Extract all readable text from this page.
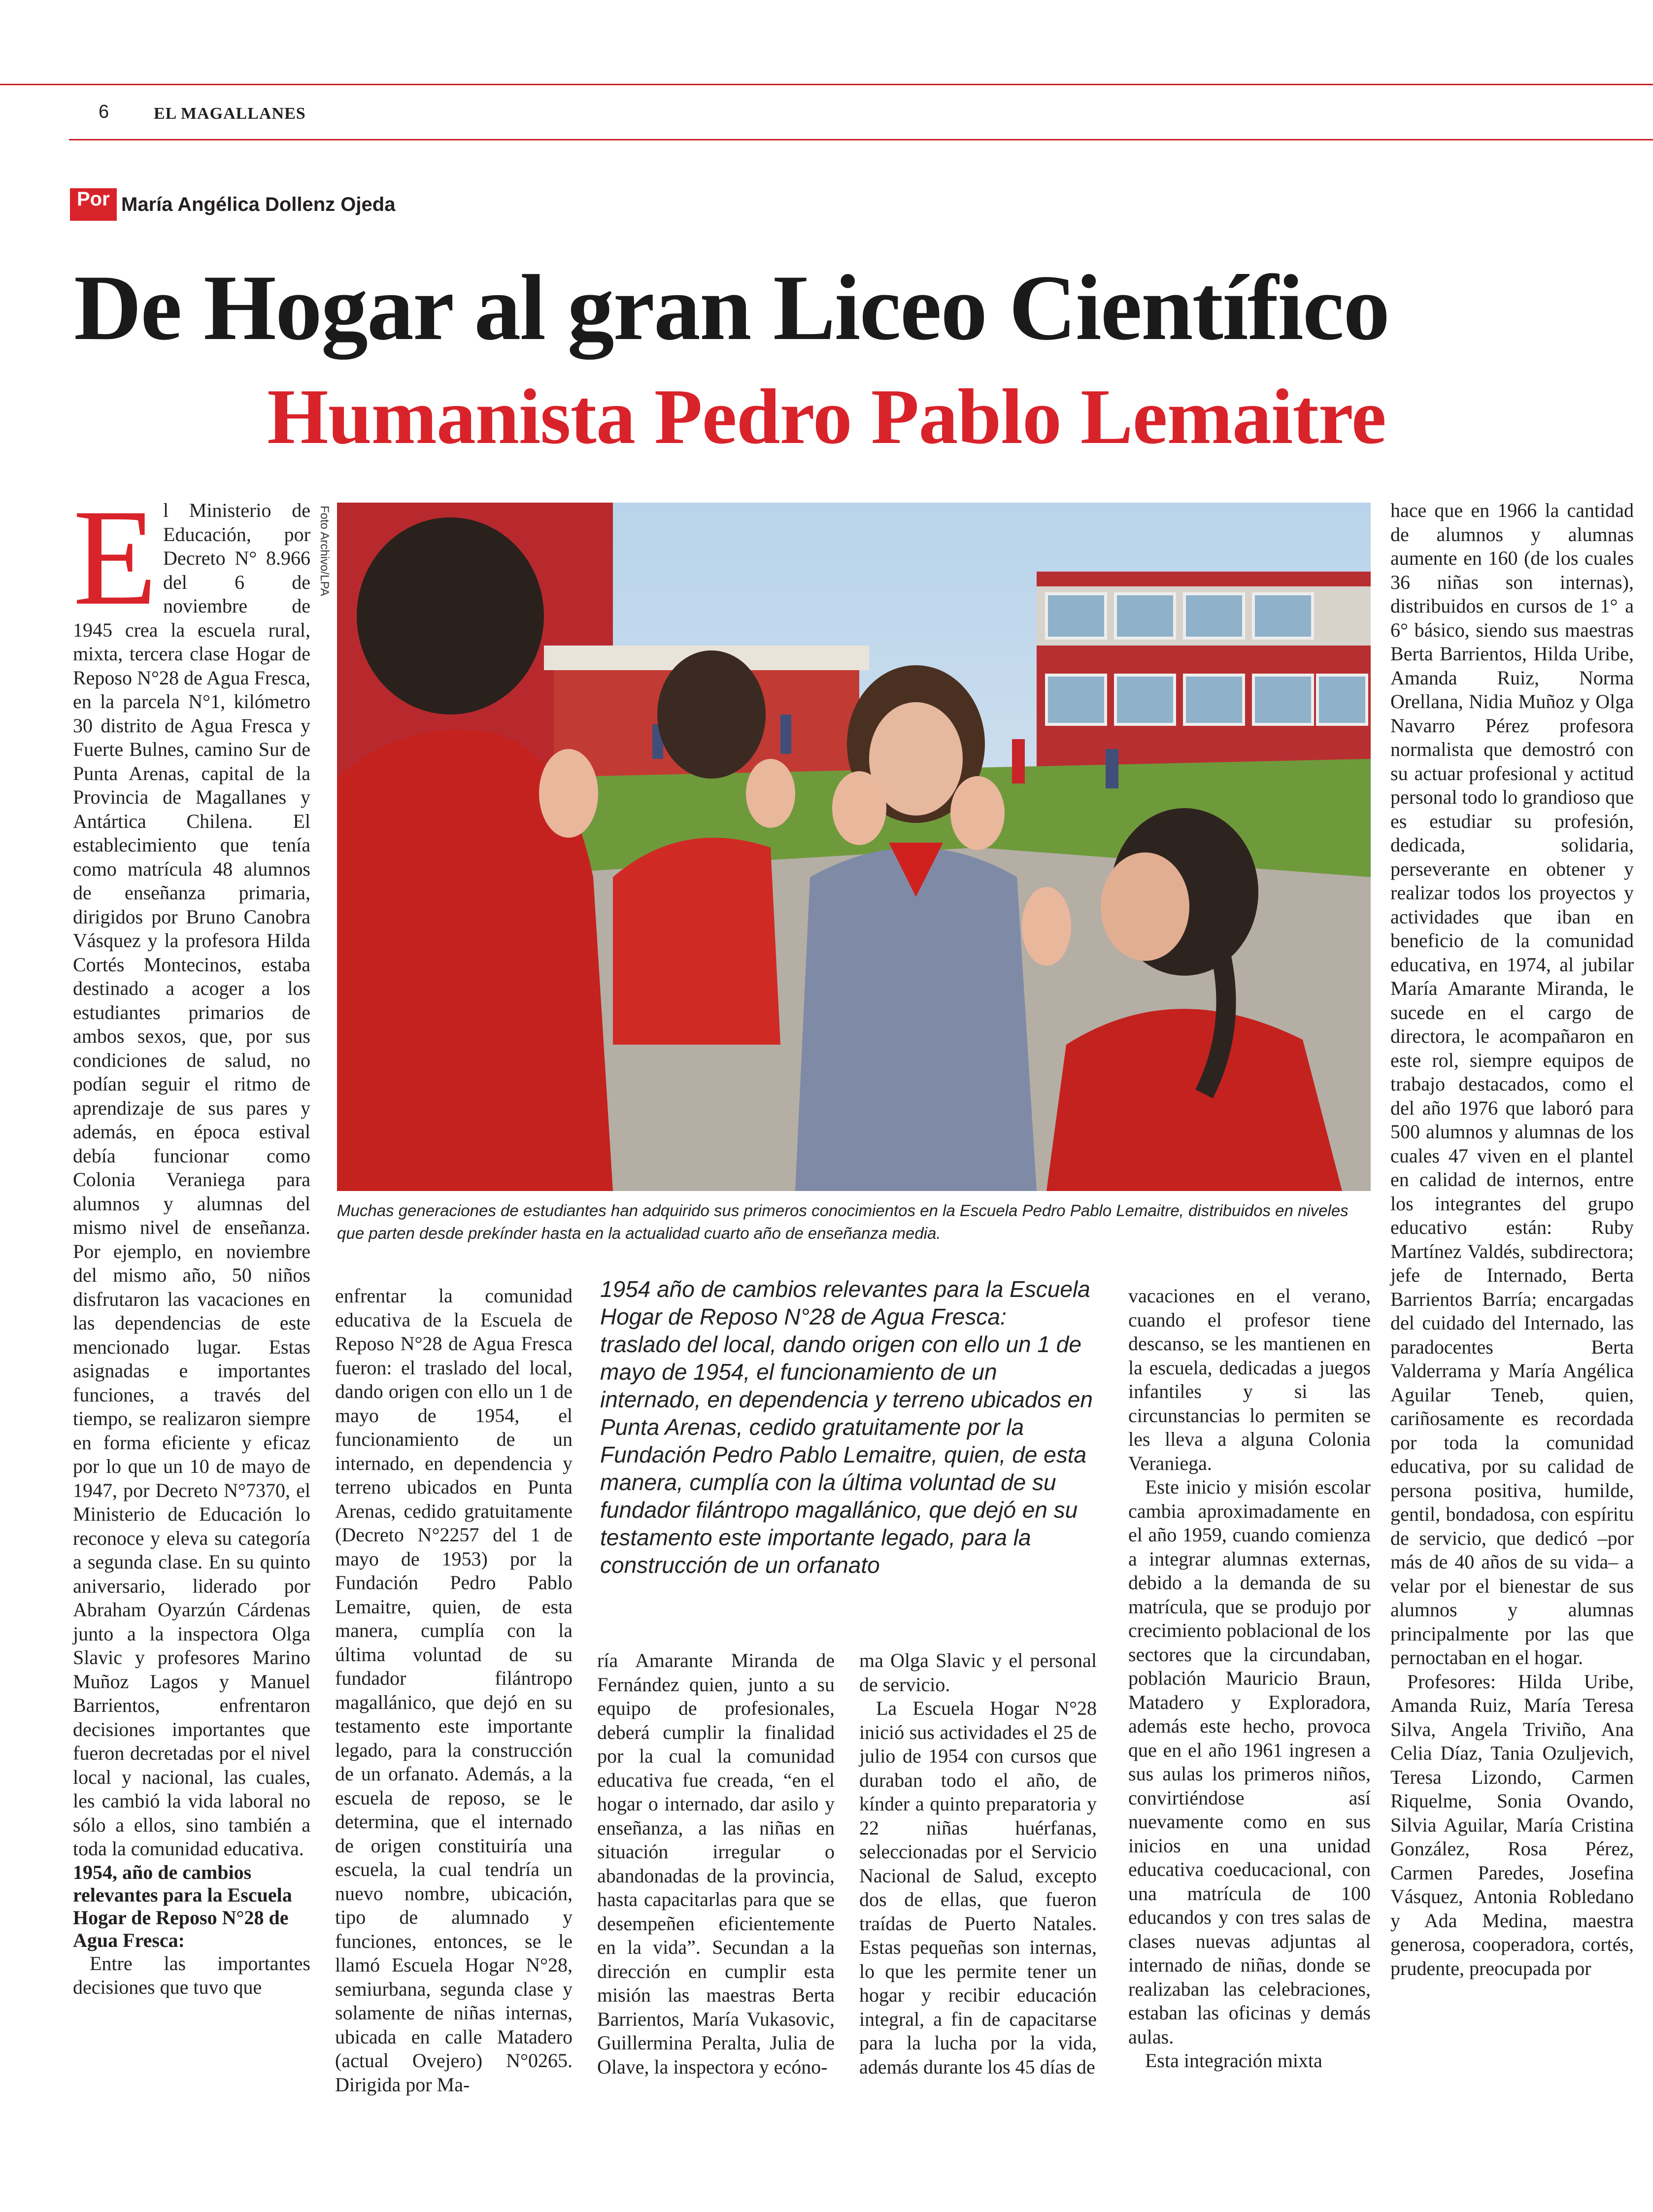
6	EL MAGALLANES
Por María Angélica Dollenz Ojeda
De Hogar al gran Liceo Científico
Humanista Pedro Pablo Lemaitre
E l Ministerio de Educación, por Decreto N° 8.966 del 6 de noviembre de 1945 crea la escuela rural, mixta, tercera clase Hogar de Reposo N°28 de Agua Fresca, en la parcela N°1, kilómetro 30 distrito de Agua Fresca y Fuerte Bulnes, camino Sur de Punta Arenas, capital de la Provincia de Magallanes y Antártica Chilena. El establecimiento que tenía como matrícula 48 alumnos de enseñanza primaria, dirigidos por Bruno Canobra Vásquez y la profesora Hilda Cortés Montecinos, estaba destinado a acoger a los estudiantes primarios de ambos sexos, que, por sus condiciones de salud, no podían seguir el ritmo de aprendizaje de sus pares y además, en época estival debía funcionar como Colonia Veraniega para alumnos y alumnas del mismo nivel de enseñanza. Por ejemplo, en noviembre del mismo año, 50 niños disfrutaron las vacaciones en las dependencias de este mencionado lugar. Estas asignadas e importantes funciones, a través del tiempo, se realizaron siempre en forma eficiente y eficaz por lo que un 10 de mayo de 1947, por Decreto N°7370, el Ministerio de Educación lo reconoce y eleva su categoría a segunda clase. En su quinto aniversario, liderado por Abraham Oyarzún Cárdenas junto a la inspectora Olga Slavic y profesores Marino Muñoz Lagos y Manuel Barrientos, enfrentaron decisiones importantes que fueron decretadas por el nivel local y nacional, las cuales, les cambió la vida laboral no sólo a ellos, sino también a toda la comunidad educativa.

1954, año de cambios relevantes para la Escuela Hogar de Reposo N°28 de Agua Fresca:

Entre las importantes decisiones que tuvo que

Foto Archivo/LPA
Muchas generaciones de estudiantes han adquirido sus primeros conocimientos en la Escuela Pedro Pablo Lemaitre, distribuidos en niveles que parten desde prekínder hasta en la actualidad cuarto año de enseñanza media.

enfrentar la comunidad educativa de la Escuela de Reposo N°28 de Agua Fresca fueron: el traslado del local, dando origen con ello un 1 de mayo de 1954, el funcionamiento de un internado, en dependencia y terreno ubicados en Punta Arenas, cedido gratuitamente (Decreto N°2257 del 1 de mayo de 1953) por la Fundación Pedro Pablo Lemaitre, quien, de esta manera, cumplía con la última voluntad de su fundador filántropo magallánico, que dejó en su testamento este importante legado, para la construcción de un orfanato. Además, a la escuela de reposo, se le determina, que el internado de origen constituiría una escuela, la cual tendría un nuevo nombre, ubicación, tipo de alumnado y funciones, entonces, se le llamó Escuela Hogar N°28, semiurbana, segunda clase y solamente de niñas internas, ubicada en calle Matadero (actual Ovejero) N°0265. Dirigida por Ma-

1954 año de cambios relevantes para la Escuela Hogar de Reposo N°28 de Agua Fresca: traslado del local, dando origen con ello un 1 de mayo de 1954, el funcionamiento de un internado, en dependencia y terreno ubicados en Punta Arenas, cedido gratuitamente por la Fundación Pedro Pablo Lemaitre, quien, de esta manera, cumplía con la última voluntad de su fundador filántropo magallánico, que dejó en su testamento este importante legado, para la construcción de un orfanato

ría Amarante Miranda de Fernández quien, junto a su equipo de profesionales, deberá cumplir la finalidad por la cual la comunidad educativa fue creada, “en el hogar o internado, dar asilo y enseñanza, a las niñas en situación irregular o abandonadas de la provincia, hasta capacitarlas para que se desempeñen eficientemente en la vida”. Secundan a la dirección en cumplir esta misión las maestras Berta Barrientos, María Vukasovic, Guillermina Peralta, Julia de Olave, la inspectora y ecóno-

ma Olga Slavic y el personal de servicio.

La Escuela Hogar N°28 inició sus actividades el 25 de julio de 1954 con cursos que duraban todo el año, de kínder a quinto preparatoria y 22 niñas huérfanas, seleccionadas por el Servicio Nacional de Salud, excepto dos de ellas, que fueron traídas de Puerto Natales. Estas pequeñas son internas, lo que les permite tener un hogar y recibir educación integral, a fin de capacitarse para la lucha por la vida, además durante los 45 días de

vacaciones en el verano, cuando el profesor tiene descanso, se les mantienen en la escuela, dedicadas a juegos infantiles y si las circunstancias lo permiten se les lleva a alguna Colonia Veraniega.

Este inicio y misión escolar cambia aproximadamente en el año 1959, cuando comienza a integrar alumnas externas, debido a la demanda de su matrícula, que se produjo por crecimiento poblacional de los sectores que la circundaban, población Mauricio Braun, Matadero y Exploradora, además este hecho, provoca que en el año 1961 ingresen a sus aulas los primeros niños, convirtiéndose así nuevamente como en sus inicios en una unidad educativa coeducacional, con una matrícula de 100 educandos y con tres salas de clases nuevas adjuntas al internado de niñas, donde se realizaban las celebraciones, estaban las oficinas y demás aulas.

Esta integración mixta

hace que en 1966 la cantidad de alumnos y alumnas aumente en 160 (de los cuales 36 niñas son internas), distribuidos en cursos de 1° a 6° básico, siendo sus maestras Berta Barrientos, Hilda Uribe, Amanda Ruiz, Norma Orellana, Nidia Muñoz y Olga Navarro Pérez profesora normalista que demostró con su actuar profesional y actitud personal todo lo grandioso que es estudiar su profesión, dedicada, solidaria, perseverante en obtener y realizar todos los proyectos y actividades que iban en beneficio de la comunidad educativa, en 1974, al jubilar María Amarante Miranda, le sucede en el cargo de directora, le acompañaron en este rol, siempre equipos de trabajo destacados, como el del año 1976 que laboró para 500 alumnos y alumnas de los cuales 47 viven en el plantel en calidad de internos, entre los integrantes del grupo educativo están: Ruby Martínez Valdés, subdirectora; jefe de Internado, Berta Barrientos Barría; encargadas del cuidado del Internado, las paradocentes Berta Valderrama y María Angélica Aguilar Teneb, quien, cariñosamente es recordada por toda la comunidad educativa, por su calidad de persona positiva, humilde, gentil, bondadosa, con espíritu de servicio, que dedicó –por más de 40 años de su vida– a velar por el bienestar de sus alumnos y alumnas principalmente por las que pernoctaban en el hogar.

Profesores: Hilda Uribe, Amanda Ruiz, María Teresa Silva, Angela Triviño, Ana Celia Díaz, Tania Ozuljevich, Teresa Lizondo, Carmen Riquelme, Sonia Ovando, Silvia Aguilar, María Cristina González, Rosa Pérez, Carmen Paredes, Josefina Vásquez, Antonia Robledano y Ada Medina, maestra generosa, cooperadora, cortés, prudente, preocupada por
